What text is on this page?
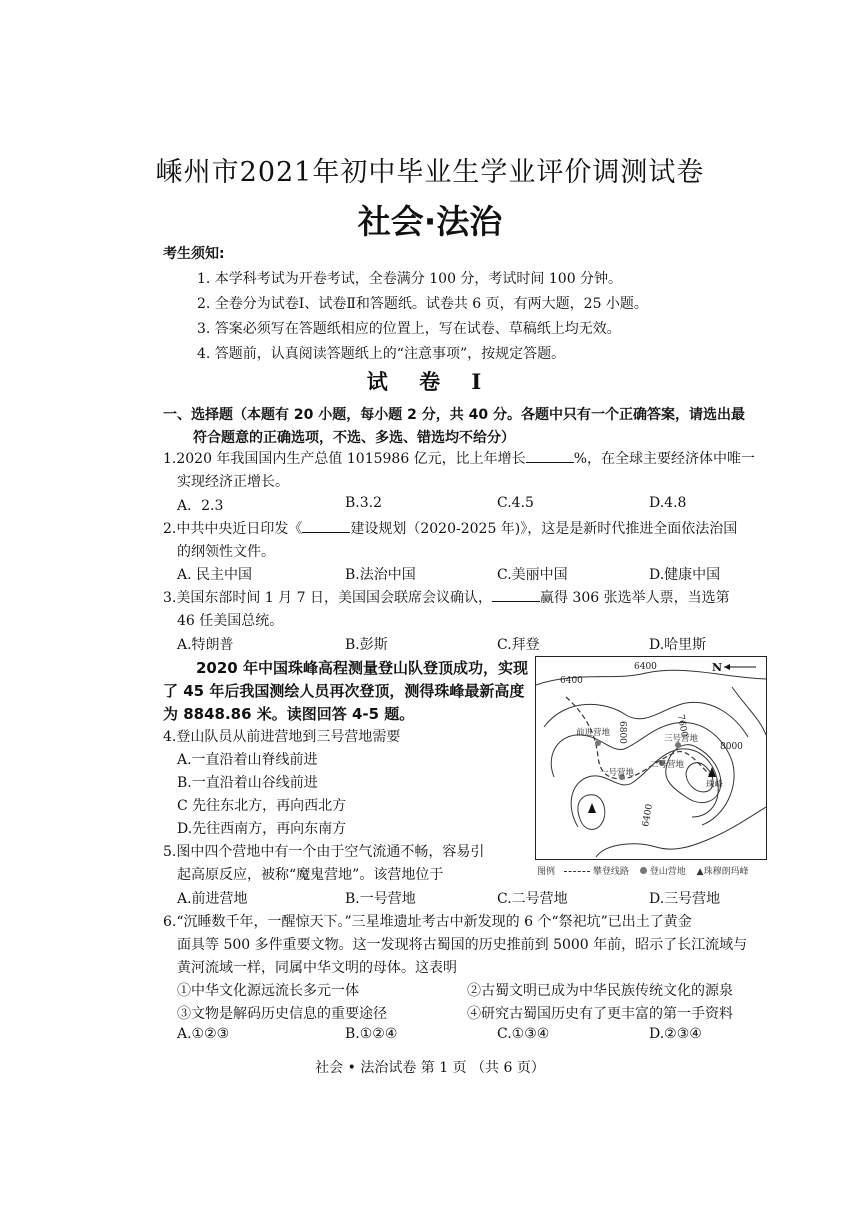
嵊州市2021年初中毕业生学业评价调测试卷
社会·法治
考生须知:
1. 本学科考试为开卷考试，全卷满分 100 分，考试时间 100 分钟。
2. 全卷分为试卷Ⅰ、试卷Ⅱ和答题纸。试卷共 6 页，有两大题，25 小题。
3. 答案必须写在答题纸相应的位置上，写在试卷、草稿纸上均无效。
4. 答题前，认真阅读答题纸上的“注意事项”，按规定答题。
试 卷 I
一、选择题（本题有 20 小题，每小题 2 分，共 40 分。各题中只有一个正确答案，请选出最
符合题意的正确选项，不选、多选、错选均不给分）
1.2020 年我国国内生产总值 1015986 亿元，比上年增长	%，在全球主要经济体中唯一
实现经济正增长。
A．2.3	B.3.2	C.4.5	D.4.8
2.中共中央近日印发《	建设规划（2020-2025 年)》，这是是新时代推进全面依法治国
的纲领性文件。
A. 民主中国	B.法治中国	C.美丽中国	D.健康中国
3.美国东部时间 1 月 7 日，美国国会联席会议确认，	赢得 306 张选举人票，当选第
46 任美国总统。
A.特朗普	B.彭斯	C.拜登	D.哈里斯
2020 年中国珠峰高程测量登山队登顶成功，实现
了 45 年后我国测绘人员再次登顶，测得珠峰最新高度
为 8848.86 米。读图回答 4-5 题。
4.登山队员从前进营地到三号营地需要
A.一直沿着山脊线前进
B.一直沿着山谷线前进
C 先往东北方，再向西北方
D.先往西南方，再向东南方
5.图中四个营地中有一个由于空气流通不畅，容易引
起高原反应，被称“魔鬼营地”。该营地位于
A.前进营地	B.一号营地	C.二号营地	D.三号营地
6.“沉睡数千年，一醒惊天下。”三星堆遗址考古中新发现的 6 个“祭祀坑”已出土了黄金
面具等 500 多件重要文物。这一发现将古蜀国的历史推前到 5000 年前，昭示了长江流域与
黄河流域一样，同属中华文明的母体。这表明
①中华文化源远流长多元一体	②古蜀文明已成为中华民族传统文化的源泉
③文物是解码历史信息的重要途径	④研究古蜀国历史有了更丰富的第一手资料
A.①②③	B.①②④	C.①③④	D.②③④
N
6400
6400
6800	7600
8000
6400
前进营地
三号营地
二号营地
一号营地
珠峰
图例	攀登线路 登山营地 ▲珠穆朗玛峰
社会 • 法治试卷 第 1 页 （共 6 页）
